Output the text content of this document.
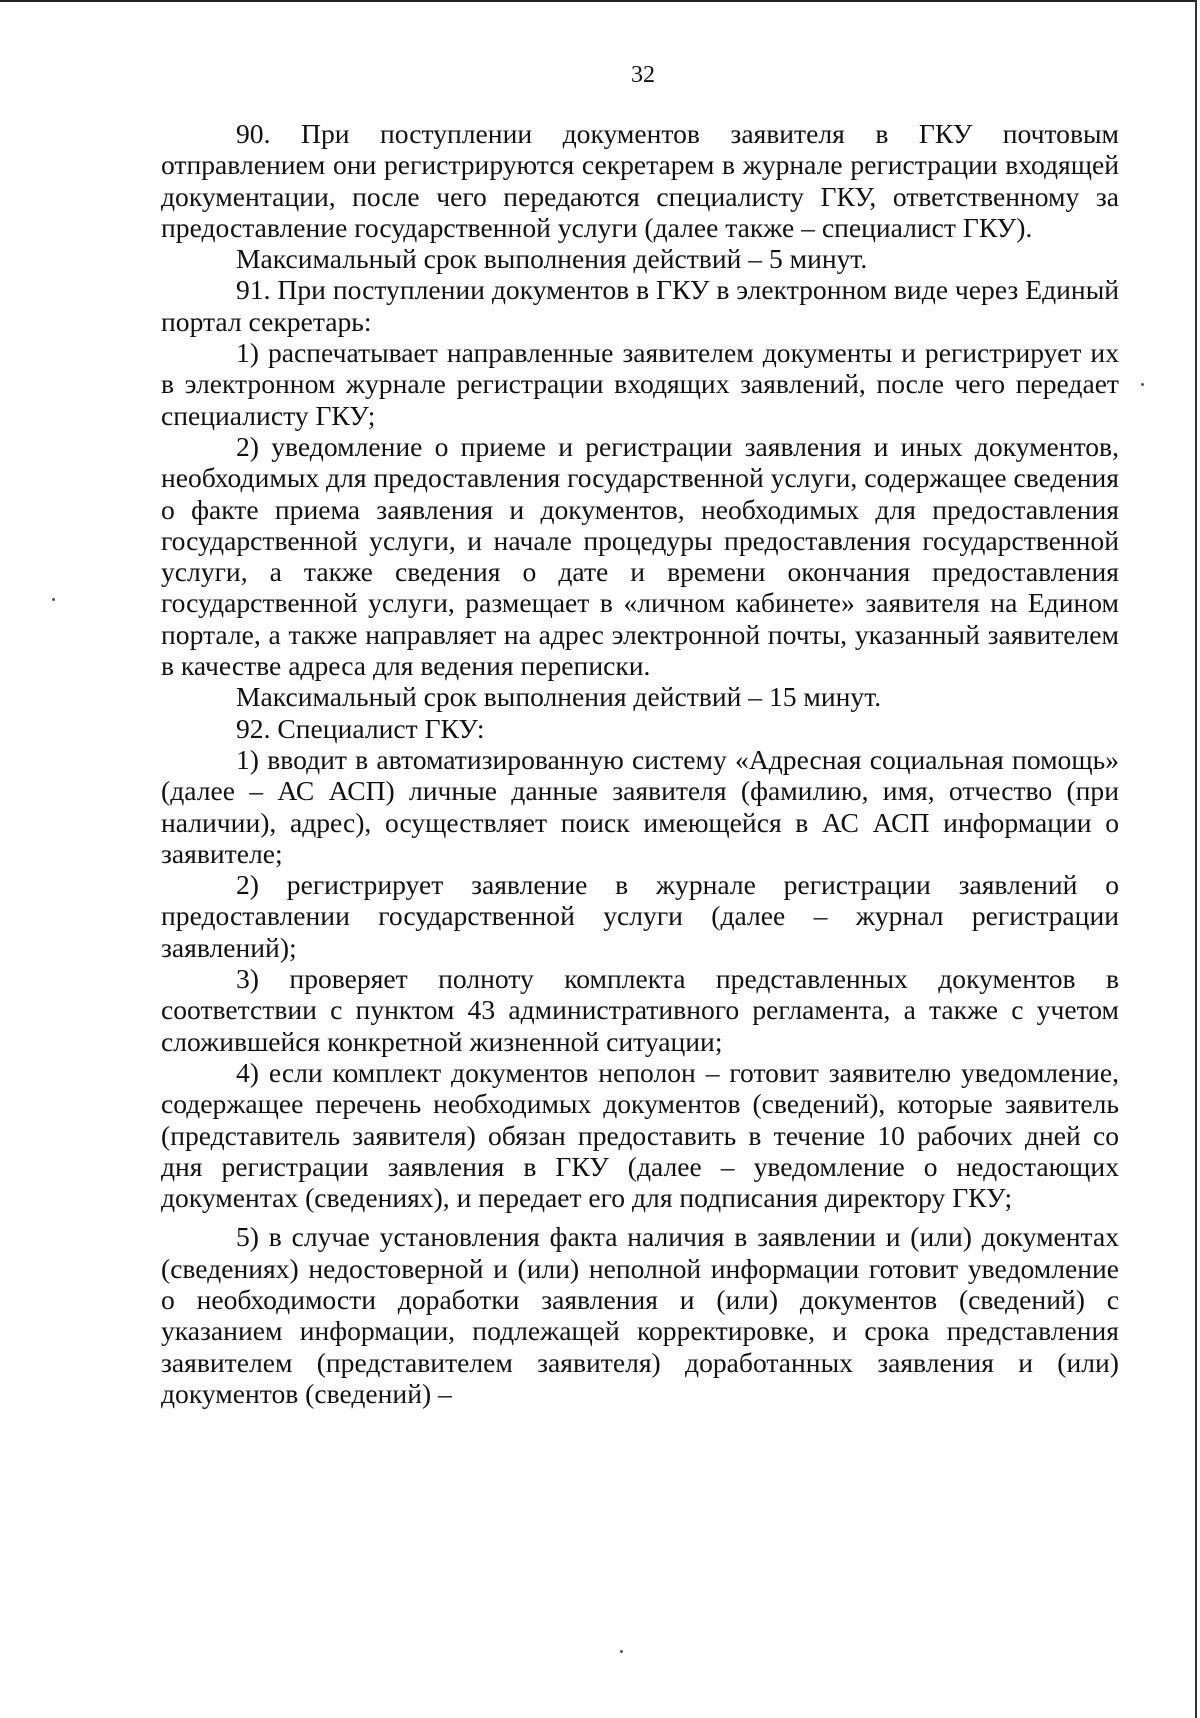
32

90. При поступлении документов заявителя в ГКУ почтовым отправлением они регистрируются секретарем в журнале регистрации входящей документации, после чего передаются специалисту ГКУ, ответственному за предоставление государственной услуги (далее также – специалист ГКУ).

Максимальный срок выполнения действий – 5 минут.

91. При поступлении документов в ГКУ в электронном виде через Единый портал секретарь:

1) распечатывает направленные заявителем документы и регистрирует их в электронном журнале регистрации входящих заявлений, после чего передает специалисту ГКУ;

2) уведомление о приеме и регистрации заявления и иных документов, необходимых для предоставления государственной услуги, содержащее сведения о факте приема заявления и документов, необходимых для предоставления государственной услуги, и начале процедуры предоставления государственной услуги, а также сведения о дате и времени окончания предоставления государственной услуги, размещает в «личном кабинете» заявителя на Едином портале, а также направляет на адрес электронной почты, указанный заявителем в качестве адреса для ведения переписки.

Максимальный срок выполнения действий – 15 минут.

92. Специалист ГКУ:

1) вводит в автоматизированную систему «Адресная социальная помощь» (далее – АС АСП) личные данные заявителя (фамилию, имя, отчество (при наличии), адрес), осуществляет поиск имеющейся в АС АСП информации о заявителе;

2) регистрирует заявление в журнале регистрации заявлений о предоставлении государственной услуги (далее – журнал регистрации заявлений);

3) проверяет полноту комплекта представленных документов в соответствии с пунктом 43 административного регламента, а также с учетом сложившейся конкретной жизненной ситуации;

4) если комплект документов неполон – готовит заявителю уведомление, содержащее перечень необходимых документов (сведений), которые заявитель (представитель заявителя) обязан предоставить в течение 10 рабочих дней со дня регистрации заявления в ГКУ (далее – уведомление о недостающих документах (сведениях), и передает его для подписания директору ГКУ;

5) в случае установления факта наличия в заявлении и (или) документах (сведениях) недостоверной и (или) неполной информации готовит уведомление о необходимости доработки заявления и (или) документов (сведений) с указанием информации, подлежащей корректировке, и срока представления заявителем (представителем заявителя) доработанных заявления и (или) документов (сведений) –
